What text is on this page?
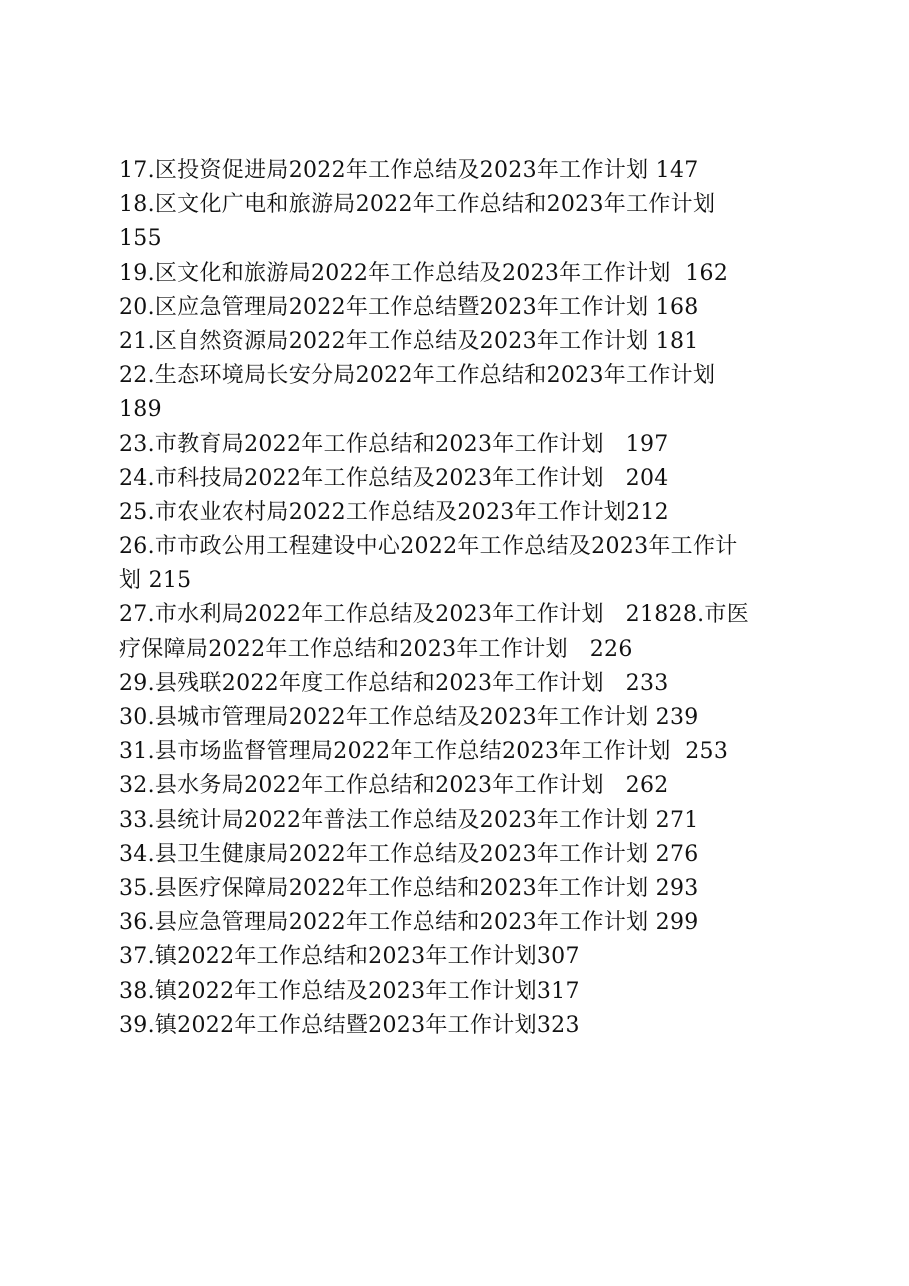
17.区投资促进局2022年工作总结及2023年工作计划 147
18.区文化广电和旅游局2022年工作总结和2023年工作计划
155
19.区文化和旅游局2022年工作总结及2023年工作计划  162
20.区应急管理局2022年工作总结暨2023年工作计划 168
21.区自然资源局2022年工作总结及2023年工作计划 181
22.生态环境局长安分局2022年工作总结和2023年工作计划
189
23.市教育局2022年工作总结和2023年工作计划   197
24.市科技局2022年工作总结及2023年工作计划   204
25.市农业农村局2022工作总结及2023年工作计划212
26.市市政公用工程建设中心2022年工作总结及2023年工作计
划 215
27.市水利局2022年工作总结及2023年工作计划   21828.市医
疗保障局2022年工作总结和2023年工作计划   226
29.县残联2022年度工作总结和2023年工作计划   233
30.县城市管理局2022年工作总结及2023年工作计划 239
31.县市场监督管理局2022年工作总结2023年工作计划  253
32.县水务局2022年工作总结和2023年工作计划   262
33.县统计局2022年普法工作总结及2023年工作计划 271
34.县卫生健康局2022年工作总结及2023年工作计划 276
35.县医疗保障局2022年工作总结和2023年工作计划 293
36.县应急管理局2022年工作总结和2023年工作计划 299
37.镇2022年工作总结和2023年工作计划307
38.镇2022年工作总结及2023年工作计划317
39.镇2022年工作总结暨2023年工作计划323
